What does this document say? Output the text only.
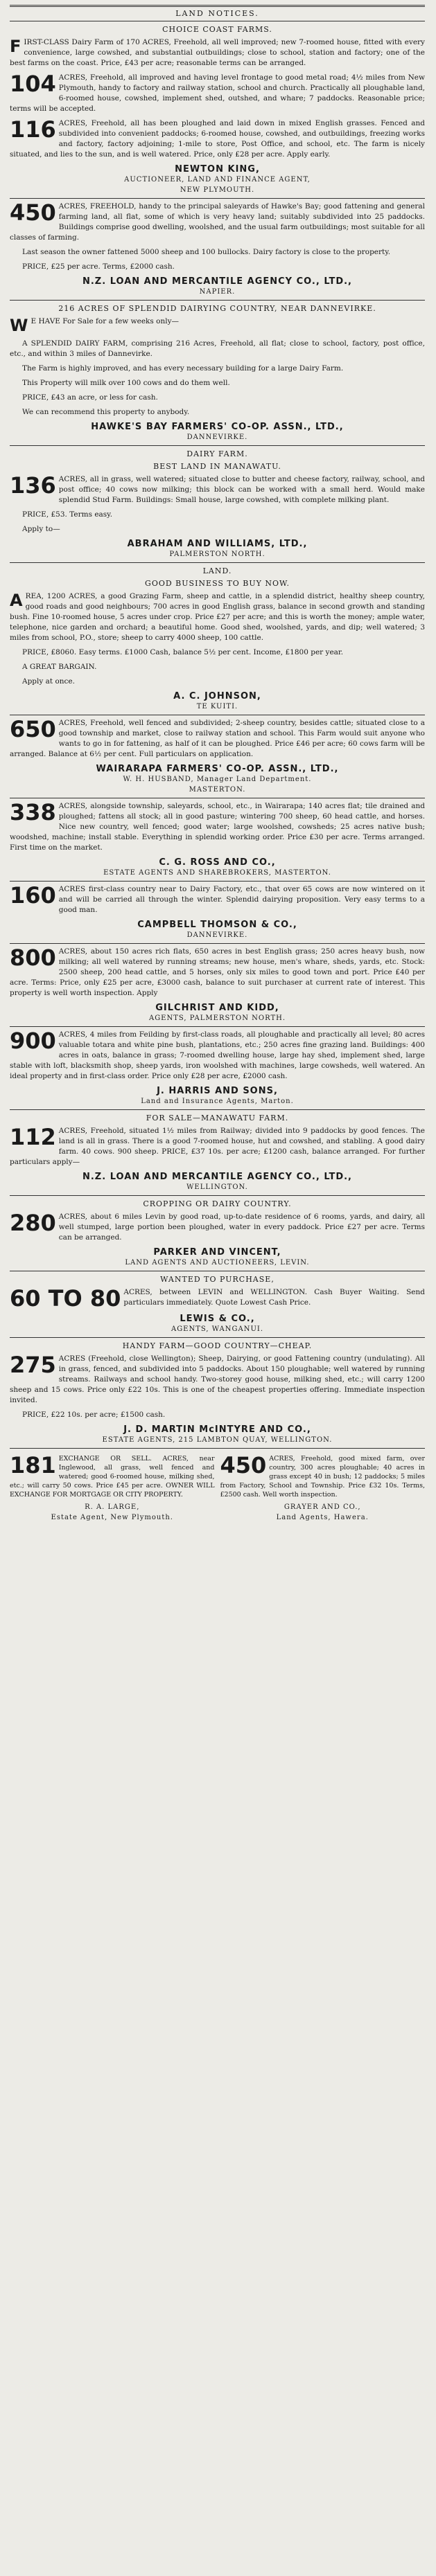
LAND NOTICES.
CHOICE COAST FARMS.
FIRST-CLASS Dairy Farm of 170 ACRES, Freehold, all well improved; new 7-roomed house, fitted with every convenience, large cowshed, and substantial outbuildings; close to school, station and factory; one of the best farms on the coast. Price, £43 per acre; reasonable terms can be arranged.
104 ACRES, Freehold, all improved and having level frontage to good metal road; 4½ miles from New Plymouth, handy to factory and railway station, school and church. Practically all ploughable land, 6-roomed house, cowshed, implement shed, outshed, and whare; 7 paddocks. Reasonable price; terms will be accepted.
116 ACRES, Freehold, all has been ploughed and laid down in mixed English grasses. Fenced and subdivided into convenient paddocks; 6-roomed house, cowshed, and outbuildings, freezing works and factory, factory adjoining; 1-mile to store, Post Office, and school, etc. The farm is nicely situated, and lies to the sun, and is well watered. Price, only £28 per acre. Apply early.
NEWTON KING,
AUCTIONEER, LAND AND FINANCE AGENT,
NEW PLYMOUTH.
450 ACRES, FREEHOLD, handy to the principal saleyards of Hawke's Bay; good fattening and general farming land, all flat, some of which is very heavy land; suitably subdivided into 25 paddocks. Buildings comprise good dwelling, woolshed, and the usual farm outbuildings; most suitable for all classes of farming.
Last season the owner fattened 5000 sheep and 100 bullocks. Dairy factory is close to the property.
PRICE, £25 per acre. Terms, £2000 cash.
N.Z. LOAN AND MERCANTILE AGENCY CO., LTD.,
NAPIER.
216 ACRES OF SPLENDID DAIRYING COUNTRY, NEAR DANNEVIRKE.
W E HAVE For Sale for a few weeks only—
A SPLENDID DAIRY FARM, comprising 216 Acres, Freehold, all flat; close to school, factory, post office, etc., and within 3 miles of Dannevirke.
The Farm is highly improved, and has every necessary building for a large Dairy Farm.
This Property will milk over 100 cows and do them well.
PRICE, £43 an acre, or less for cash.
We can recommend this property to anybody.
HAWKE'S BAY FARMERS' CO-OP. ASSN., LTD.,
DANNEVIRKE.
DAIRY FARM.
BEST LAND IN MANAWATU.
136 ACRES, all in grass, well watered; situated close to butter and cheese factory, railway, school, and post office; 40 cows now milking; this block can be worked with a small herd. Would make splendid Stud Farm. Buildings: Small house, large cowshed, with complete milking plant.
PRICE, £53. Terms easy.
Apply to—
ABRAHAM AND WILLIAMS, LTD.,
PALMERSTON NORTH.
LAND.
GOOD BUSINESS TO BUY NOW.
AREA, 1200 ACRES, a good Grazing Farm, sheep and cattle, in a splendid district, healthy sheep country, good roads and good neighbours; 700 acres in good English grass, balance in second growth and standing bush. Fine 10-roomed house, 5 acres under crop. Price £27 per acre; and this is worth the money; ample water, telephone, nice garden and orchard; a beautiful home. Good shed, woolshed, yards, and dip; well watered; 3 miles from school, P.O., store; sheep to carry 4000 sheep, 100 cattle.
PRICE, £8060. Easy terms. £1000 Cash, balance 5½ per cent. Income, £1800 per year.
A GREAT BARGAIN.
Apply at once.
A. C. JOHNSON,
TE KUITI.
650 ACRES, Freehold, well fenced and subdivided; 2-sheep country, besides cattle; situated close to a good township and market, close to railway station and school. This Farm would suit anyone who wants to go in for fattening, as half of it can be ploughed. Price £46 per acre; 60 cows farm will be arranged. Balance at 6½ per cent. Full particulars on application.
WAIRARAPA FARMERS' CO-OP. ASSN., LTD.,
W. H. HUSBAND, Manager Land Department.
MASTERTON.
338 ACRES, alongside township, saleyards, school, etc., in Wairarapa; 140 acres flat; tile drained and ploughed; fattens all stock; all in good pasture; wintering 700 sheep, 60 head cattle, and horses. Nice new country, well fenced; good water; large woolshed, cowsheds; 25 acres native bush; woodshed, machine; install stable. Everything in splendid working order. Price £30 per acre. Terms arranged. First time on the market.
C. G. ROSS AND CO.,
ESTATE AGENTS AND SHAREBROKERS, MASTERTON.
160 ACRES first-class country near to Dairy Factory, etc., that over 65 cows are now wintered on it and will be carried all through the winter. Splendid dairying proposition. Very easy terms to a good man.
CAMPBELL THOMSON & CO.,
DANNEVIRKE.
800 ACRES, about 150 acres rich flats, 650 acres in best English grass; 250 acres heavy bush, now milking; all well watered by running streams; new house, men's whare, sheds, yards, etc. Stock: 2500 sheep, 200 head cattle, and 5 horses, only six miles to good town and port. Price £40 per acre. Terms: Price, only £25 per acre, £3000 cash, balance to suit purchaser at current rate of interest. This property is well worth inspection. Apply
GILCHRIST AND KIDD,
AGENTS, PALMERSTON NORTH.
900 ACRES, 4 miles from Feilding by first-class roads, all ploughable and practically all level; 80 acres valuable totara and white pine bush, plantations, etc.; 250 acres fine grazing land. Buildings: 400 acres in oats, balance in grass; 7-roomed dwelling house, large hay shed, implement shed, large stable with loft, blacksmith shop, sheep yards, iron woolshed with machines, large cowsheds, well watered. An ideal property and in first-class order. Price only £28 per acre, £2000 cash.
J. HARRIS AND SONS,
Land and Insurance Agents, Marton.
FOR SALE—MANAWATU FARM.
112 ACRES, Freehold, situated 1½ miles from Railway; divided into 9 paddocks by good fences. The land is all in grass. There is a good 7-roomed house, hut and cowshed, and stabling. A good dairy farm. 40 cows. 900 sheep. PRICE, £37 10s. per acre; £1200 cash, balance arranged. For further particulars apply—
N.Z. LOAN AND MERCANTILE AGENCY CO., LTD.,
WELLINGTON.
CROPPING OR DAIRY COUNTRY.
280 ACRES, about 6 miles Levin by good road, up-to-date residence of 6 rooms, yards, and dairy, all well stumped, large portion been ploughed, water in every paddock. Price £27 per acre. Terms can be arranged.
PARKER AND VINCENT,
LAND AGENTS AND AUCTIONEERS, LEVIN.
WANTED TO PURCHASE,
60 TO 80 ACRES, between LEVIN and WELLINGTON. Cash Buyer Waiting. Send particulars immediately. Quote Lowest Cash Price.
LEWIS & CO.,
AGENTS, WANGANUI.
HANDY FARM—GOOD COUNTRY—CHEAP.
275 ACRES (Freehold, close Wellington); Sheep, Dairying, or good Fattening country (undulating). All in grass, fenced, and subdivided into 5 paddocks. About 150 ploughable; well watered by running streams. Railways and school handy. Two-storey good house, milking shed, etc.; will carry 1200 sheep and 15 cows. Price only £22 10s. This is one of the cheapest properties offering. Immediate inspection invited.
PRICE, £22 10s. per acre; £1500 cash.
J. D. MARTIN McINTYRE AND CO.,
ESTATE AGENTS, 215 LAMBTON QUAY, WELLINGTON.
181 EXCHANGE OR SELL. ACRES, near Inglewood, all grass, well fenced and watered; good 6-roomed house, milking shed, etc.; will carry 50 cows. Price £45 per acre. OWNER WILL EXCHANGE FOR MORTGAGE OR CITY PROPERTY.
R. A. LARGE,
Estate Agent, New Plymouth.
450 ACRES, Freehold, good mixed farm, over country, 300 acres ploughable; 40 acres in grass except 40 in bush; 12 paddocks; 5 miles from Factory, School and Township. Price £32 10s. Terms, £2500 cash. Well worth inspection.
GRAYER AND CO.,
Land Agents, Hawera.
